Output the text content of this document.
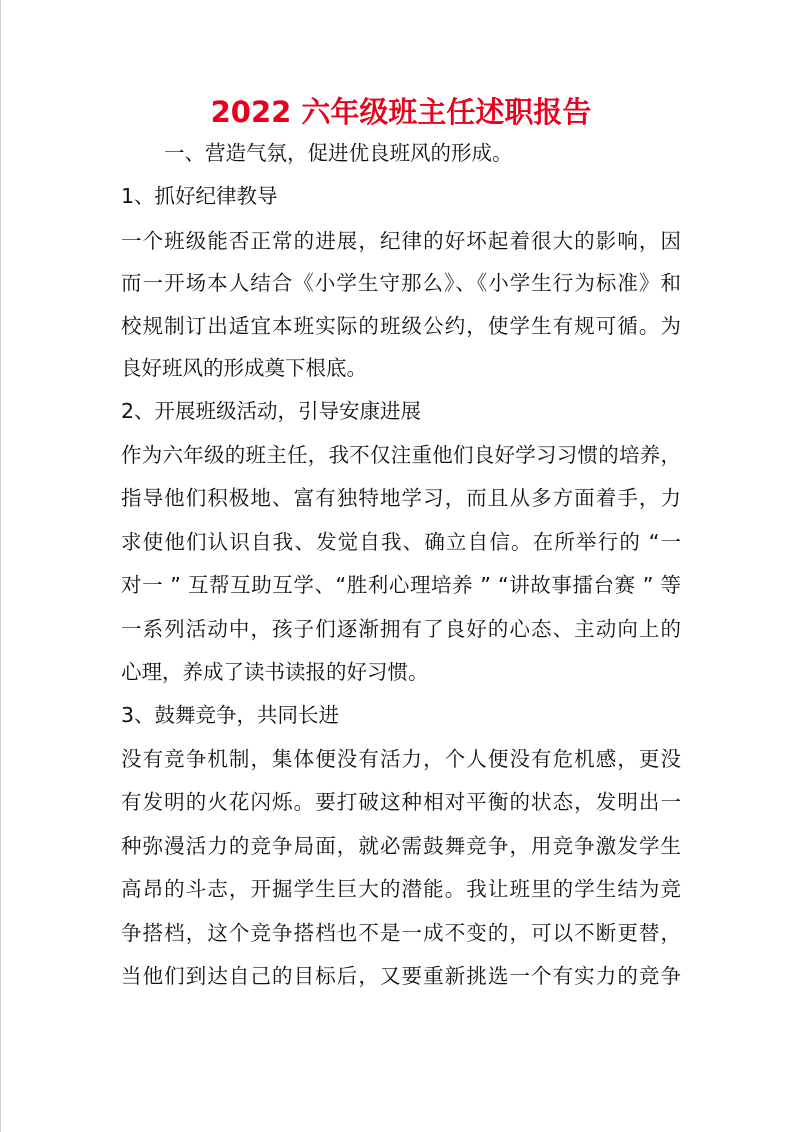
2022 六年级班主任述职报告
一、营造气氛，促进优良班风的形成。
1、抓好纪律教导
一个班级能否正常的进展，纪律的好坏起着很大的影响，因
而一开场本人结合《小学生守那么》、《小学生行为标准》和
校规制订出适宜本班实际的班级公约，使学生有规可循。为
良好班风的形成奠下根底。
2、开展班级活动，引导安康进展
作为六年级的班主任，我不仅注重他们良好学习习惯的培养，
指导他们积极地、富有独特地学习，而且从多方面着手，力
求使他们认识自我、发觉自我、确立自信。在所举行的 “一
对一 ” 互帮互助互学、“胜利心理培养 ” “讲故事擂台赛 ” 等
一系列活动中，孩子们逐渐拥有了良好的心态、主动向上的
心理，养成了读书读报的好习惯。
3、鼓舞竞争，共同长进
没有竞争机制，集体便没有活力，个人便没有危机感，更没
有发明的火花闪烁。要打破这种相对平衡的状态，发明出一
种弥漫活力的竞争局面，就必需鼓舞竞争，用竞争激发学生
高昂的斗志，开掘学生巨大的潜能。我让班里的学生结为竞
争搭档，这个竞争搭档也不是一成不变的，可以不断更替，
当他们到达自己的目标后，又要重新挑选一个有实力的竞争
